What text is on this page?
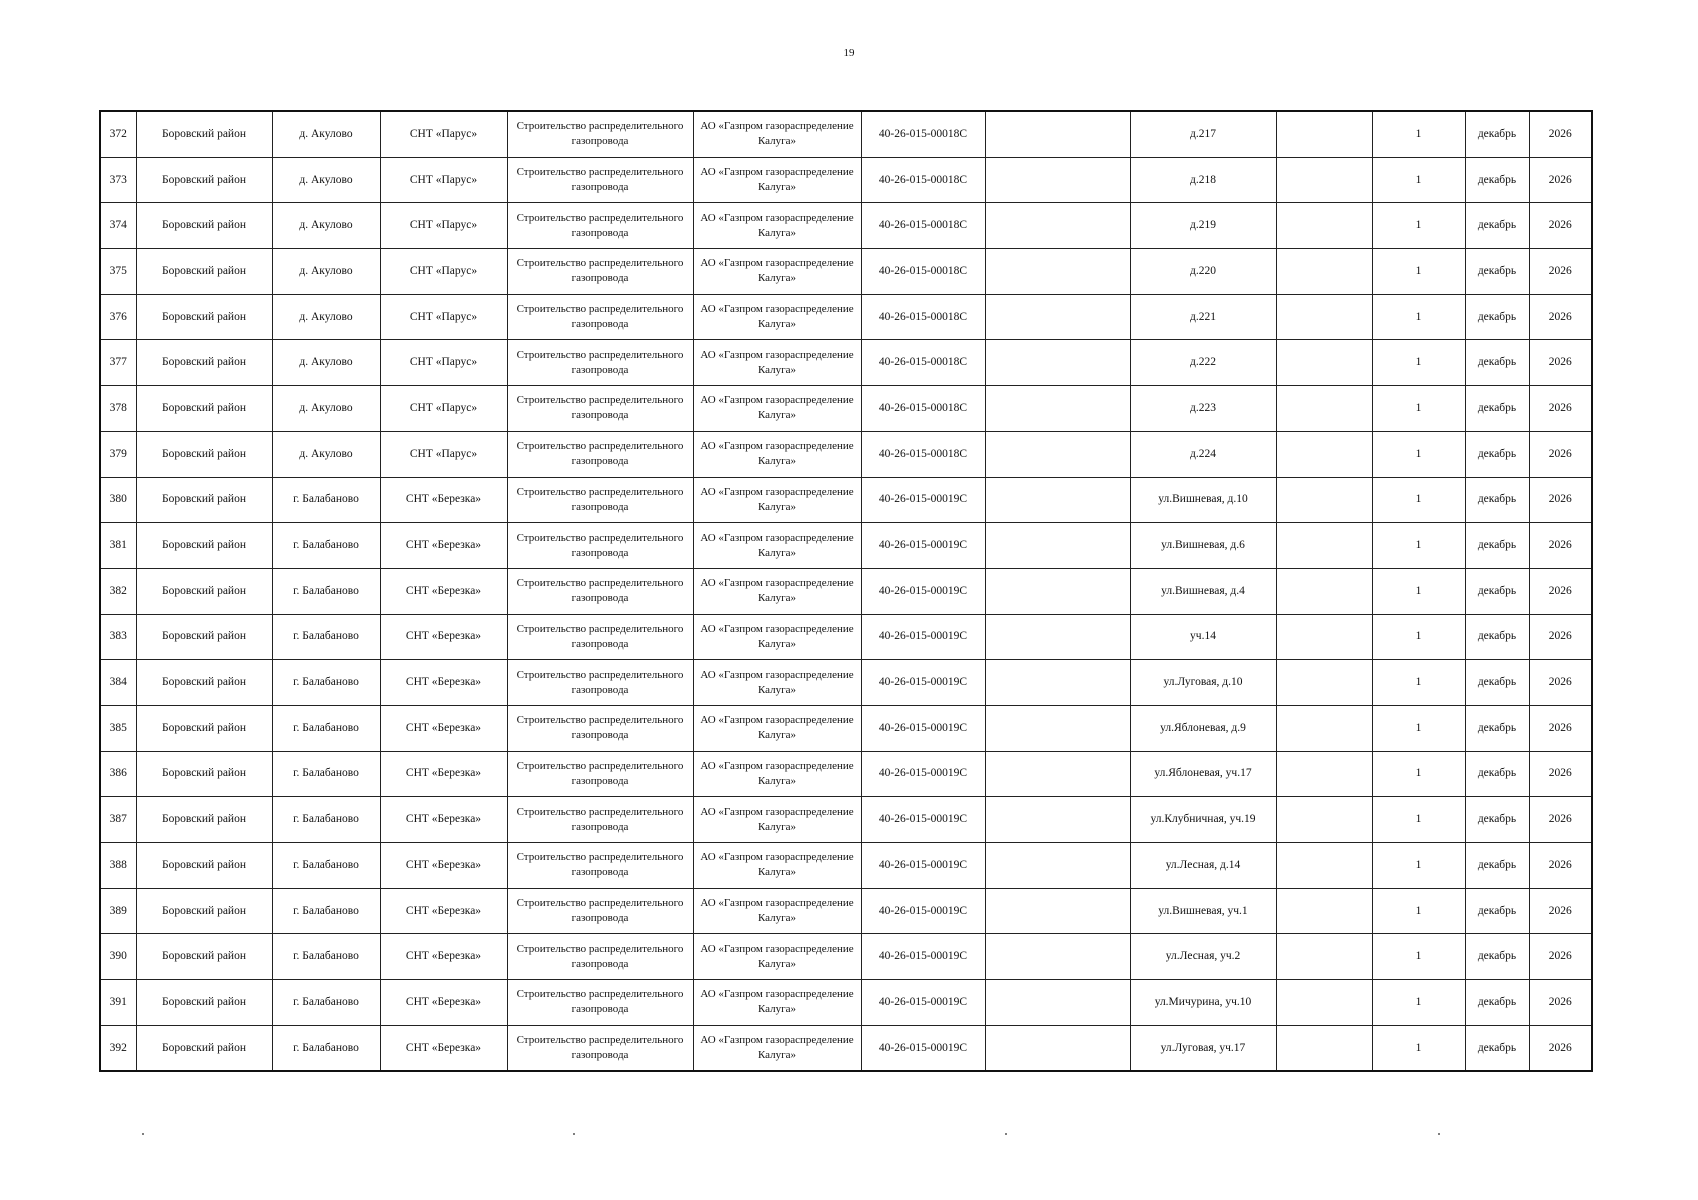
19
372	Боровский район	д. Акулово	СНТ «Парус»	Строительство распределительного газопровода	АО «Газпром газораспределение Калуга»	40-26-015-00018С		д.217		1	декабрь	2026
373	Боровский район	д. Акулово	СНТ «Парус»	Строительство распределительного газопровода	АО «Газпром газораспределение Калуга»	40-26-015-00018С		д.218		1	декабрь	2026
374	Боровский район	д. Акулово	СНТ «Парус»	Строительство распределительного газопровода	АО «Газпром газораспределение Калуга»	40-26-015-00018С		д.219		1	декабрь	2026
375	Боровский район	д. Акулово	СНТ «Парус»	Строительство распределительного газопровода	АО «Газпром газораспределение Калуга»	40-26-015-00018С		д.220		1	декабрь	2026
376	Боровский район	д. Акулово	СНТ «Парус»	Строительство распределительного газопровода	АО «Газпром газораспределение Калуга»	40-26-015-00018С		д.221		1	декабрь	2026
377	Боровский район	д. Акулово	СНТ «Парус»	Строительство распределительного газопровода	АО «Газпром газораспределение Калуга»	40-26-015-00018С		д.222		1	декабрь	2026
378	Боровский район	д. Акулово	СНТ «Парус»	Строительство распределительного газопровода	АО «Газпром газораспределение Калуга»	40-26-015-00018С		д.223		1	декабрь	2026
379	Боровский район	д. Акулово	СНТ «Парус»	Строительство распределительного газопровода	АО «Газпром газораспределение Калуга»	40-26-015-00018С		д.224		1	декабрь	2026
380	Боровский район	г. Балабаново	СНТ «Березка»	Строительство распределительного газопровода	АО «Газпром газораспределение Калуга»	40-26-015-00019С		ул.Вишневая, д.10		1	декабрь	2026
381	Боровский район	г. Балабаново	СНТ «Березка»	Строительство распределительного газопровода	АО «Газпром газораспределение Калуга»	40-26-015-00019С		ул.Вишневая, д.6		1	декабрь	2026
382	Боровский район	г. Балабаново	СНТ «Березка»	Строительство распределительного газопровода	АО «Газпром газораспределение Калуга»	40-26-015-00019С		ул.Вишневая, д.4		1	декабрь	2026
383	Боровский район	г. Балабаново	СНТ «Березка»	Строительство распределительного газопровода	АО «Газпром газораспределение Калуга»	40-26-015-00019С		уч.14		1	декабрь	2026
384	Боровский район	г. Балабаново	СНТ «Березка»	Строительство распределительного газопровода	АО «Газпром газораспределение Калуга»	40-26-015-00019С		ул.Луговая, д.10		1	декабрь	2026
385	Боровский район	г. Балабаново	СНТ «Березка»	Строительство распределительного газопровода	АО «Газпром газораспределение Калуга»	40-26-015-00019С		ул.Яблоневая, д.9		1	декабрь	2026
386	Боровский район	г. Балабаново	СНТ «Березка»	Строительство распределительного газопровода	АО «Газпром газораспределение Калуга»	40-26-015-00019С		ул.Яблоневая, уч.17		1	декабрь	2026
387	Боровский район	г. Балабаново	СНТ «Березка»	Строительство распределительного газопровода	АО «Газпром газораспределение Калуга»	40-26-015-00019С		ул.Клубничная, уч.19		1	декабрь	2026
388	Боровский район	г. Балабаново	СНТ «Березка»	Строительство распределительного газопровода	АО «Газпром газораспределение Калуга»	40-26-015-00019С		ул.Лесная, д.14		1	декабрь	2026
389	Боровский район	г. Балабаново	СНТ «Березка»	Строительство распределительного газопровода	АО «Газпром газораспределение Калуга»	40-26-015-00019С		ул.Вишневая, уч.1		1	декабрь	2026
390	Боровский район	г. Балабаново	СНТ «Березка»	Строительство распределительного газопровода	АО «Газпром газораспределение Калуга»	40-26-015-00019С		ул.Лесная, уч.2		1	декабрь	2026
391	Боровский район	г. Балабаново	СНТ «Березка»	Строительство распределительного газопровода	АО «Газпром газораспределение Калуга»	40-26-015-00019С		ул.Мичурина, уч.10		1	декабрь	2026
392	Боровский район	г. Балабаново	СНТ «Березка»	Строительство распределительного газопровода	АО «Газпром газораспределение Калуга»	40-26-015-00019С		ул.Луговая, уч.17		1	декабрь	2026
